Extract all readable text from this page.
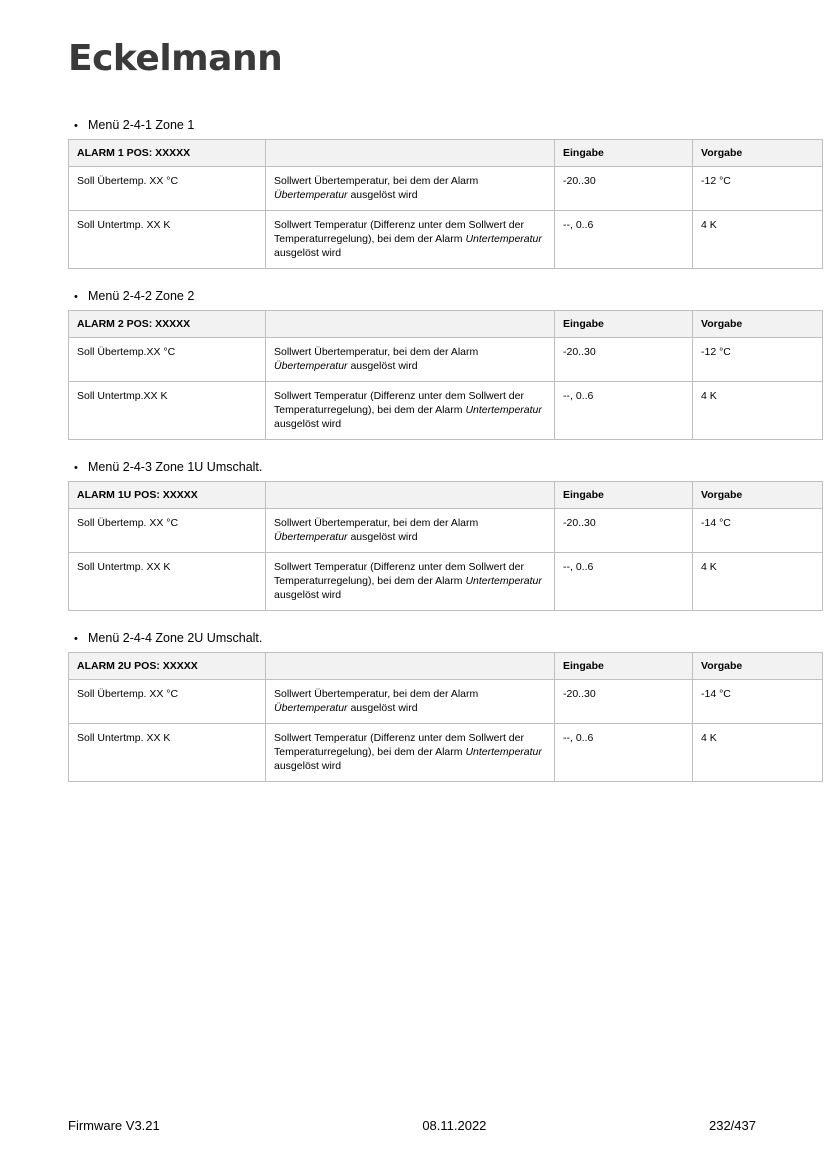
Eckelmann
• Menü 2-4-1 Zone 1
ALARM 1 POS: XXXXX		Eingabe	Vorgabe
Soll Übertemp. XX °C	Sollwert Übertemperatur, bei dem der Alarm Übertemperatur ausgelöst wird	-20..30	-12 °C
Soll Untertmp. XX K	Sollwert Temperatur (Differenz unter dem Sollwert der Temperaturregelung), bei dem der Alarm Untertemperatur ausgelöst wird	--, 0..6	4 K
• Menü 2-4-2 Zone 2
ALARM 2 POS: XXXXX		Eingabe	Vorgabe
Soll Übertemp.XX °C	Sollwert Übertemperatur, bei dem der Alarm Übertemperatur ausgelöst wird	-20..30	-12 °C
Soll Untertmp.XX K	Sollwert Temperatur (Differenz unter dem Sollwert der Temperaturregelung), bei dem der Alarm Untertemperatur ausgelöst wird	--, 0..6	4 K
• Menü 2-4-3 Zone 1U Umschalt.
ALARM 1U POS: XXXXX		Eingabe	Vorgabe
Soll Übertemp. XX °C	Sollwert Übertemperatur, bei dem der Alarm Übertemperatur ausgelöst wird	-20..30	-14 °C
Soll Untertmp. XX K	Sollwert Temperatur (Differenz unter dem Sollwert der Temperaturregelung), bei dem der Alarm Untertemperatur ausgelöst wird	--, 0..6	4 K
• Menü 2-4-4 Zone 2U Umschalt.
ALARM 2U POS: XXXXX		Eingabe	Vorgabe
Soll Übertemp. XX °C	Sollwert Übertemperatur, bei dem der Alarm Übertemperatur ausgelöst wird	-20..30	-14 °C
Soll Untertmp. XX K	Sollwert Temperatur (Differenz unter dem Sollwert der Temperaturregelung), bei dem der Alarm Untertemperatur ausgelöst wird	--, 0..6	4 K
Firmware V3.21	08.11.2022	232/437
